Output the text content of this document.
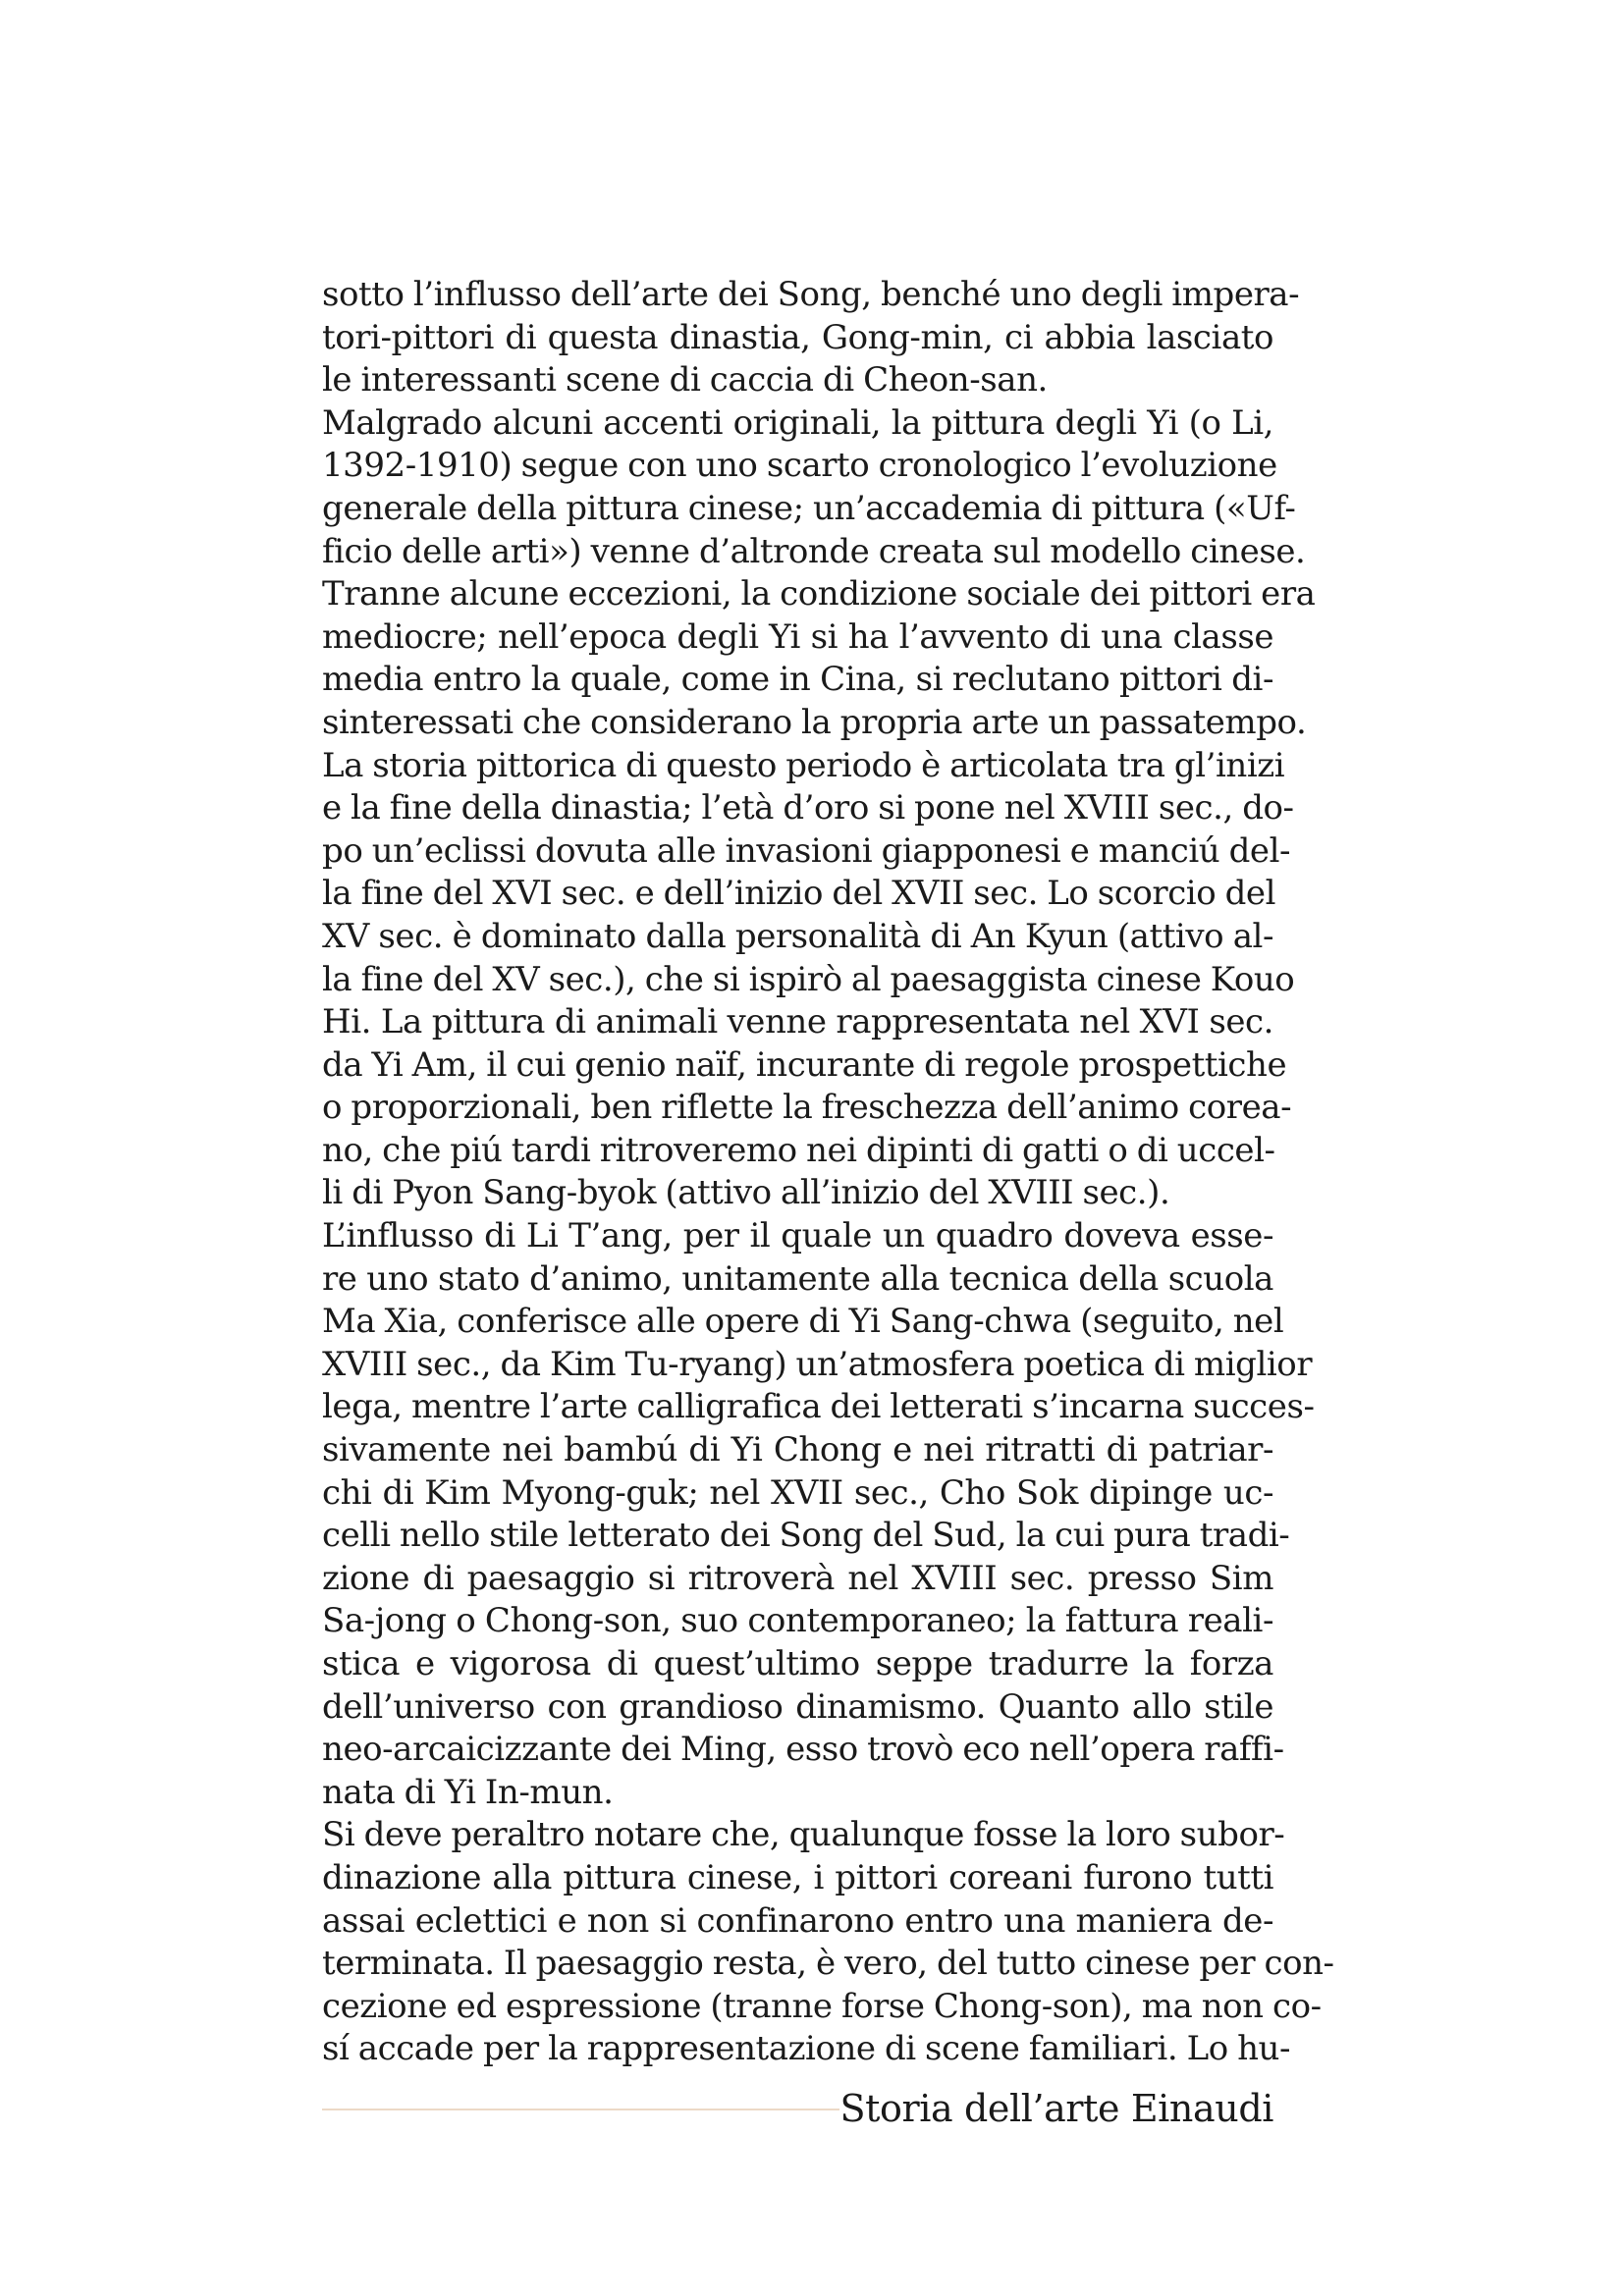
sotto l’influsso dell’arte dei Song, benché uno degli impera-
tori-pittori di questa dinastia, Gong-min, ci abbia lasciato
le interessanti scene di caccia di Cheon-san.
Malgrado alcuni accenti originali, la pittura degli Yi (o Li,
1392-1910) segue con uno scarto cronologico l’evoluzione
generale della pittura cinese; un’accademia di pittura («Uf-
ficio delle arti») venne d’altronde creata sul modello cinese.
Tranne alcune eccezioni, la condizione sociale dei pittori era
mediocre; nell’epoca degli Yi si ha l’avvento di una classe
media entro la quale, come in Cina, si reclutano pittori di-
sinteressati che considerano la propria arte un passatempo.
La storia pittorica di questo periodo è articolata tra gl’inizi
e la fine della dinastia; l’età d’oro si pone nel XVIII sec., do-
po un’eclissi dovuta alle invasioni giapponesi e manciú del-
la fine del XVI sec. e dell’inizio del XVII sec. Lo scorcio del
XV sec. è dominato dalla personalità di An Kyun (attivo al-
la fine del XV sec.), che si ispirò al paesaggista cinese Kouo
Hi. La pittura di animali venne rappresentata nel XVI sec.
da Yi Am, il cui genio naïf, incurante di regole prospettiche
o proporzionali, ben riflette la freschezza dell’animo corea-
no, che piú tardi ritroveremo nei dipinti di gatti o di uccel-
li di Pyon Sang-byok (attivo all’inizio del XVIII sec.).
L’influsso di Li T’ang, per il quale un quadro doveva esse-
re uno stato d’animo, unitamente alla tecnica della scuola
Ma Xia, conferisce alle opere di Yi Sang-chwa (seguito, nel
XVIII sec., da Kim Tu-ryang) un’atmosfera poetica di miglior
lega, mentre l’arte calligrafica dei letterati s’incarna succes-
sivamente nei bambú di Yi Chong e nei ritratti di patriar-
chi di Kim Myong-guk; nel XVII sec., Cho Sok dipinge uc-
celli nello stile letterato dei Song del Sud, la cui pura tradi-
zione di paesaggio si ritroverà nel XVIII sec. presso Sim
Sa-jong o Chong-son, suo contemporaneo; la fattura reali-
stica e vigorosa di quest’ultimo seppe tradurre la forza
dell’universo con grandioso dinamismo. Quanto allo stile
neo-arcaicizzante dei Ming, esso trovò eco nell’opera raffi-
nata di Yi In-mun.
Si deve peraltro notare che, qualunque fosse la loro subor-
dinazione alla pittura cinese, i pittori coreani furono tutti
assai eclettici e non si confinarono entro una maniera de-
terminata. Il paesaggio resta, è vero, del tutto cinese per con-
cezione ed espressione (tranne forse Chong-son), ma non co-
sí accade per la rappresentazione di scene familiari. Lo hu-
Storia dell’arte Einaudi
